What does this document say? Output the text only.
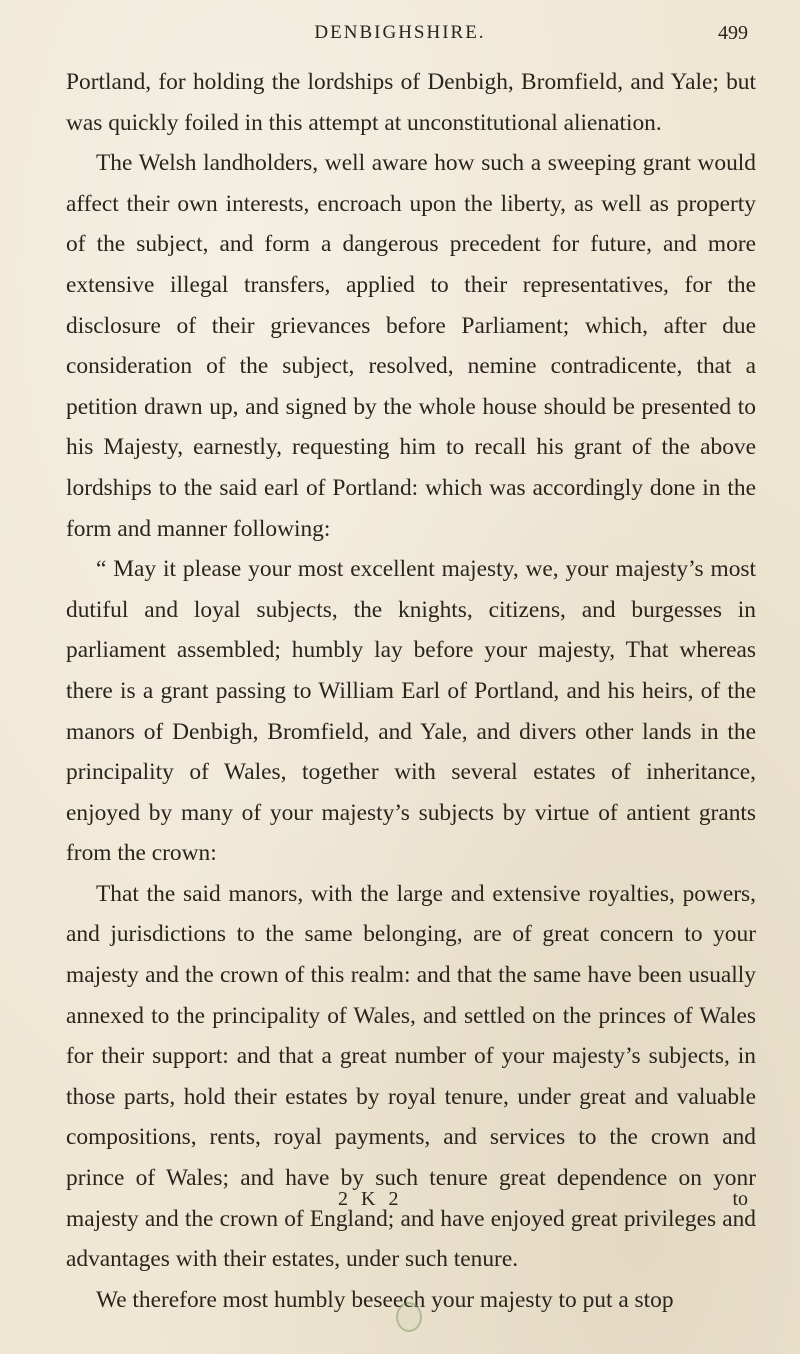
DENBIGHSHIRE.	499

Portland, for holding the lordships of Denbigh, Bromfield, and Yale; but was quickly foiled in this attempt at unconstitutional alienation.

The Welsh landholders, well aware how such a sweeping grant would affect their own interests, encroach upon the liberty, as well as property of the subject, and form a dangerous precedent for future, and more extensive illegal transfers, applied to their representatives, for the disclosure of their grievances before Parliament; which, after due consideration of the subject, resolved, nemine contradicente, that a petition drawn up, and signed by the whole house should be presented to his Majesty, earnestly, requesting him to recall his grant of the above lordships to the said earl of Portland: which was accordingly done in the form and manner following:

“ May it please your most excellent majesty, we, your majesty’s most dutiful and loyal subjects, the knights, citizens, and burgesses in parliament assembled; humbly lay before your majesty, That whereas there is a grant passing to William Earl of Portland, and his heirs, of the manors of Denbigh, Bromfield, and Yale, and divers other lands in the principality of Wales, together with several estates of inheritance, enjoyed by many of your majesty’s subjects by virtue of antient grants from the crown:

That the said manors, with the large and extensive royalties, powers, and jurisdictions to the same belonging, are of great concern to your majesty and the crown of this realm: and that the same have been usually annexed to the principality of Wales, and settled on the princes of Wales for their support: and that a great number of your majesty’s subjects, in those parts, hold their estates by royal tenure, under great and valuable compositions, rents, royal payments, and services to the crown and prince of Wales; and have by such tenure great dependence on yonr majesty and the crown of England; and have enjoyed great privileges and advantages with their estates, under such tenure.

We therefore most humbly beseech your majesty to put a stop

2 K 2	to
